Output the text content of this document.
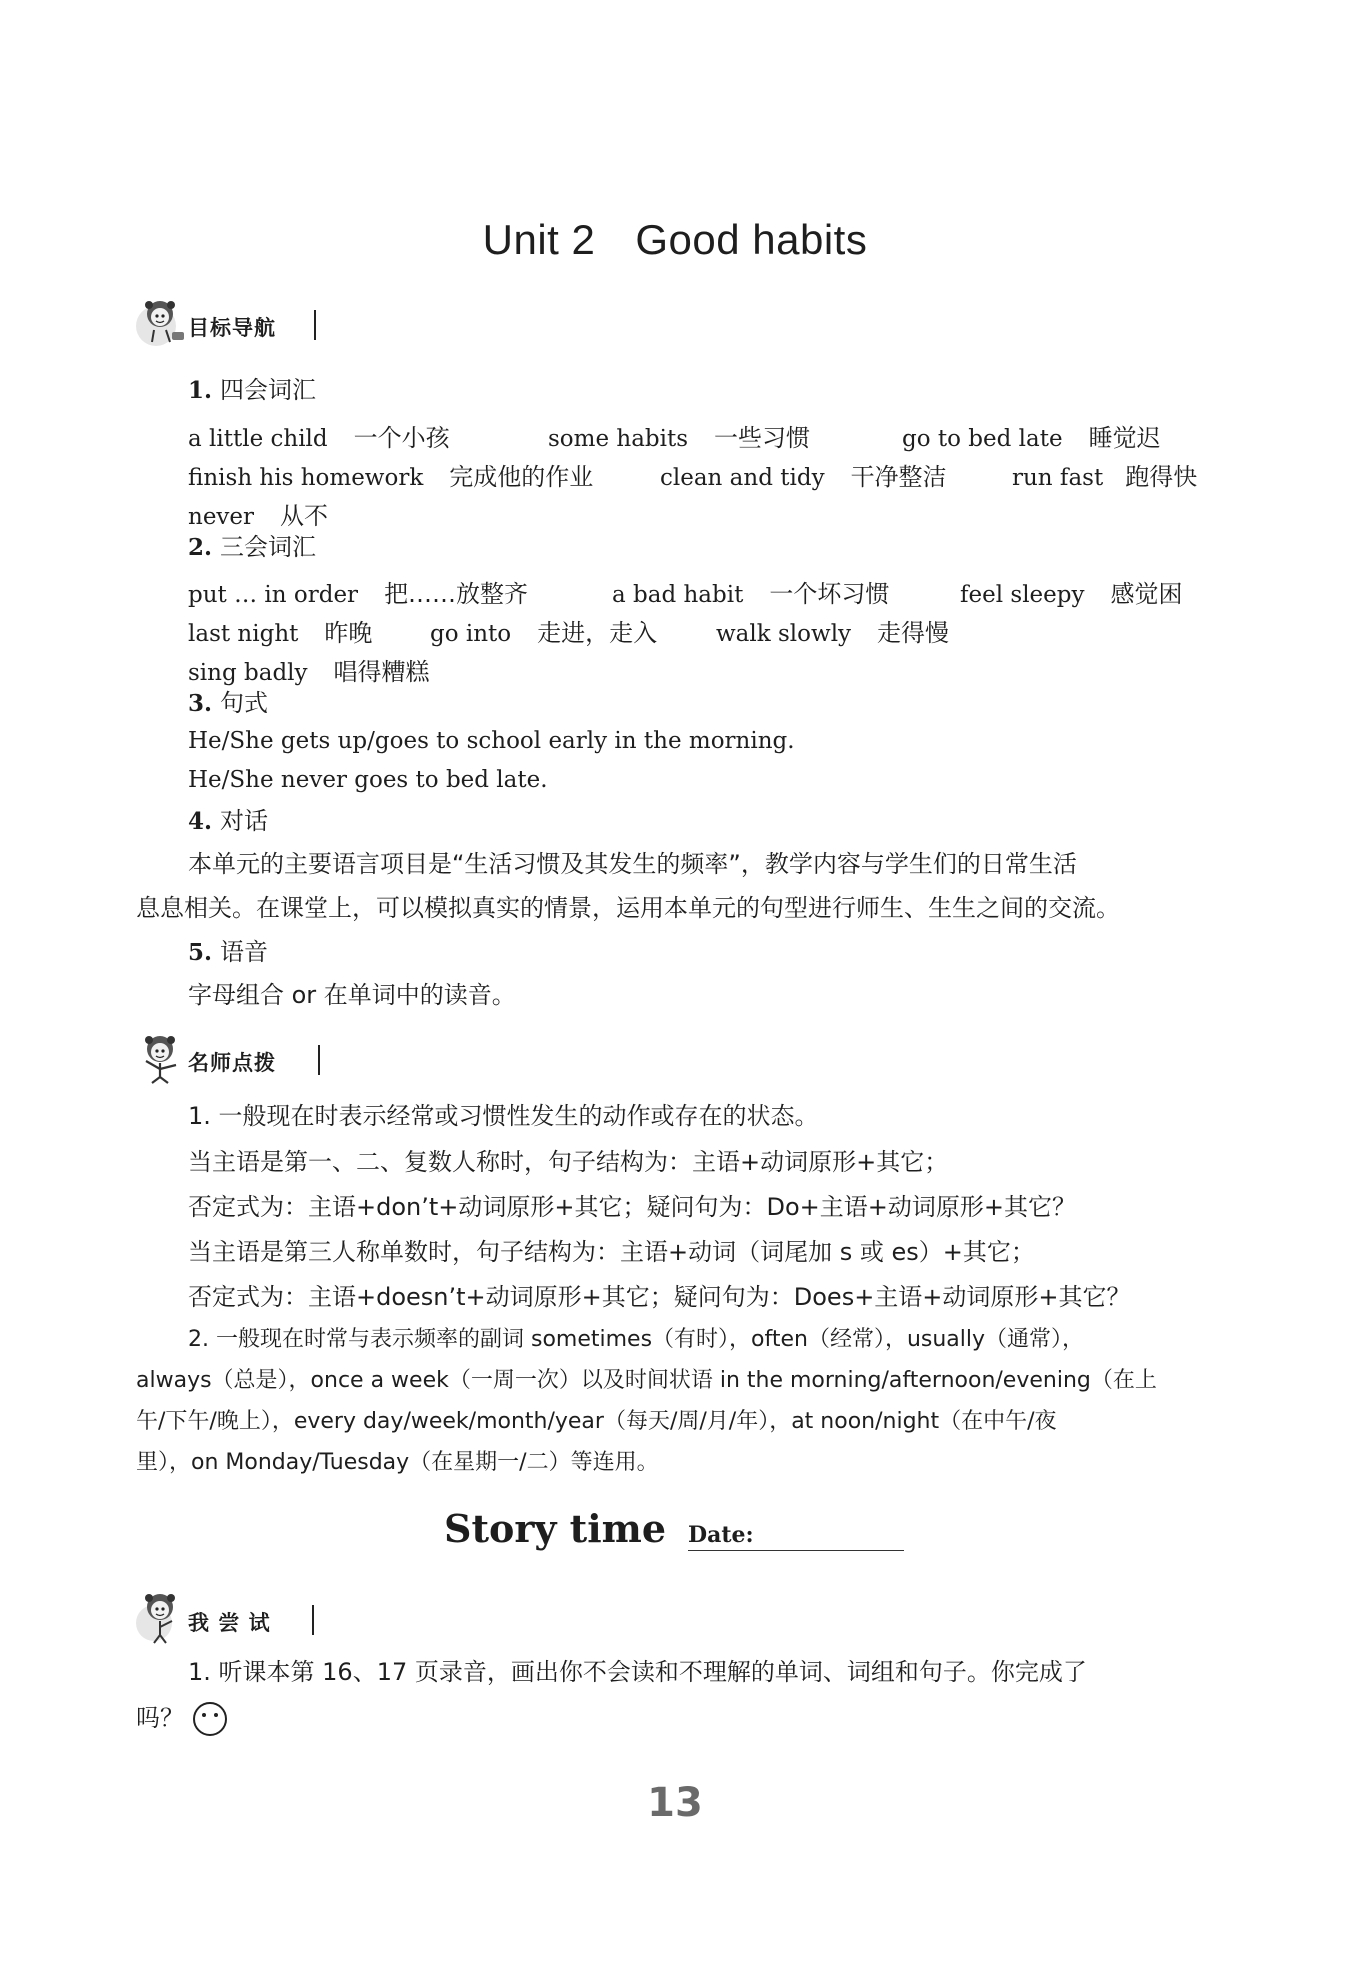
Unit 2 Good habits
目标导航
1. 四会词汇
a little child 一个小孩	some habits 一些习惯	go to bed late 睡觉迟
finish his homework 完成他的作业	clean and tidy 干净整洁	run fast 跑得快
never 从不
2. 三会词汇
put … in order 把……放整齐	a bad habit 一个坏习惯	feel sleepy 感觉困
last night 昨晚	go into 走进，走入	walk slowly 走得慢
sing badly 唱得糟糕
3. 句式
He/She gets up/goes to school early in the morning.
He/She never goes to bed late.
4. 对话
本单元的主要语言项目是“生活习惯及其发生的频率”，教学内容与学生们的日常生活
息息相关。在课堂上，可以模拟真实的情景，运用本单元的句型进行师生、生生之间的交流。
5. 语音
字母组合 or 在单词中的读音。
名师点拨
1. 一般现在时表示经常或习惯性发生的动作或存在的状态。
当主语是第一、二、复数人称时，句子结构为：主语+动词原形+其它；
否定式为：主语+don’t+动词原形+其它；疑问句为：Do+主语+动词原形+其它？
当主语是第三人称单数时，句子结构为：主语+动词（词尾加 s 或 es）+其它；
否定式为：主语+doesn’t+动词原形+其它；疑问句为：Does+主语+动词原形+其它？
2. 一般现在时常与表示频率的副词 sometimes（有时），often（经常），usually（通常），
always（总是），once a week（一周一次）以及时间状语 in the morning/afternoon/evening（在上
午/下午/晚上），every day/week/month/year（每天/周/月/年），at noon/night（在中午/夜
里），on Monday/Tuesday（在星期一/二）等连用。
Story time Date:
我 尝 试
1. 听课本第 16、17 页录音，画出你不会读和不理解的单词、词组和句子。你完成了
吗？
13
